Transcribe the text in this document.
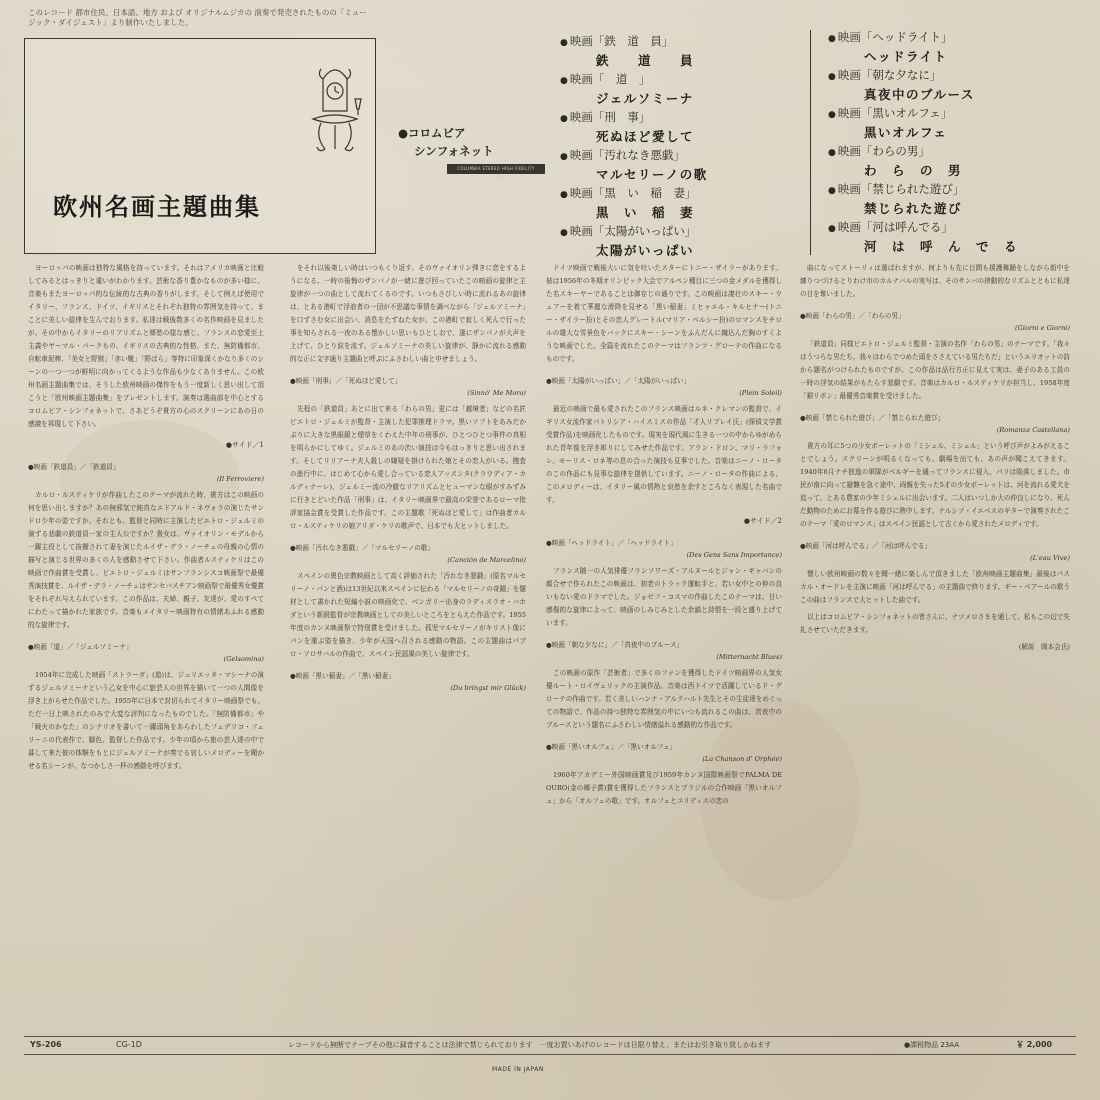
このレコード 都市住民、日本語、地方 および オリジナルムジカの 演奏で発売されたものの「ミュージック・ダイジェスト」より制作いたしました。
欧州名画主題曲集
●コロムビア
シンフォネット
COLUMBIA STEREO HIGH FIDELITY RECORDING
● 映画「鉄　道　員」
鉄　　道　　員
● 映画「　道　」
ジェルソミーナ
● 映画「刑　事」
死ぬほど愛して
● 映画「汚れなき悪戯」
マルセリーノの歌
● 映画「黒　い　稲　妻」
黒　い　稲　妻
● 映画「太陽がいっぱい」
太陽がいっぱい
● 映画「ヘッドライト」
ヘッドライト
● 映画「朝な夕なに」
真夜中のブルース
● 映画「黒いオルフェ」
黒いオルフェ
● 映画「わらの男」
わ　ら　の　男
● 映画「禁じられた遊び」
禁じられた遊び
● 映画「河は呼んでる」
河　は　呼　ん　で　る

ヨーロッパの映画は独特な風格を持っています。それはアメリカ映画と比較してみるとはっきりと違いがわかります。芸術な香り豊かなものが多い様に、音楽もまたヨーロッパ的な伝統的な古典の香りがします。そして例えば使用でイタリー、フランス、ドイツ、イギリスとそれぞれ独特の雰囲気を持って、まことに美しい旋律を生んでおります。私達は戦後数多くの名作映画を見ましたが、その中からイタリーのリアリズムと郷愁の様な感じ、フランスの恋愛至上主義やヤーマル・パークもの、イギリスの古典的な性格、また、無防備都市、自転車泥棒、「美女と野獣」「赤い靴」「野ばら」等特に印象深くかなり多くのシーンの一つ一つが鮮明に向かってくるような作品も少なくありません。この欧州名画主題曲集では、そうした欧州映画の傑作をもう一度新しく思い出して頂こうと「欧州映画主題曲集」をプレゼントします。演奏は選曲部を中心とするコロムビア・シンフォネットで、さあどうぞ貴方の心のスクリーンにあの日の感激を再現して下さい。

●サイド／1
●映画「鉄道員」／「鉄道員」
(Il Ferroviere)

カルロ・ルスティケリが作曲したこのテーマが流れた時、貴方はこの映画の何を思い出しますか？あの無邪気で純真なエドアルド・ネヴォラの演じたサンドロ少年の姿ですか、それとも、監督と同時に主演したピエトロ・ジェルミの演ずる悲劇の鉄道員一家の主人公ですか？貴女は、ヴァイオリン・モデルから一躍主役として抜擢されて妻を演じたルイザ・デラ・ノーチェの母親の心情の描写と演じる世界の多くの人を感動させて下さい。作曲者ルスティケリはこの映画で作曲賞を受賞し、ピエトロ・ジェルミはサンフランシスコ映画祭で最優秀演技賞を、ルイザ・デラ・ノーチェはサンセバスチアン映画祭で最優秀女優賞をそれぞれ与えられています。この作品は、夫婦、親子、友達が、愛のすべてにわたって描かれた家族です。音楽もメイタリー映画特有の情緒あふれる感動的な旋律です。

●映画「道」／「ジェルソミーナ」
(Gelsomina)

1954年に完成した映画「ストラーダ」(道)は、ジュリエッタ・マシーナの演ずるジェルソミーナという乙女を中心に旅芸人の世界を描いて一つの人間像を浮き上がらせた作品でした。1955年に日本で封切られてイタリー映画祭でも、ただ一日上映されたのみで大変な評判になったものでした。「無防備都市」や「戦火のかなた」のシナリオを書いて一躍頭角をあらわしたフェデリコ・フェリーニの代表作で、脚色、監督した作品です。少年の頃から旅の芸人達の中で暮して来た彼の体験をもとにジェルソミーナが奏でる哀しいメロディーを聞かせる名シーンが、なつかしさ一杯の感動を呼びます。

をそれ以後楽しい時はいつもくり返す、そのヴァイオリン弾きに恋をするようになる。一時の後悔のザンパノが一緒に遊び回っていたこの映画の旋律と主旋律が一つの曲として流れてくるのです。いつもさびしい時に流れるあの旋律は、とある港町で浮浪者の一団が不思議な事情を調べながら「ジェルソミーナ」を口ずさむ女に出会い、消息をたずねた女が、この港町で寂しく死んで行った事を知らされる一夜のある懐かしい思いもひとしおで、遂にザンパノが大声を上げて、ひとり涙を流す。ジェルソミーナの美しい旋律が、静かに流れる感動的な正に文字通り主題曲と呼ぶにふさわしい曲と申せましょう。

●映画「刑事」／「死ぬほど愛して」
(Sinnò' Me Moro)

先程の「鉄道員」あとに出て来る「わらの男」更には「越境者」などの名匠ピエトロ・ジェルミが監督・主演した犯罪推理ドラマ。黒いソフトをあみだかぶりに大きな黒眼鏡と煙草をくわえた中年の刑事が、ひとつひとつ事件の真相を明らかにしてゆく。ジェルミのあの渋い演技は今もはっきりと思い出されます。そしてリリアーナ夫人殺しの嫌疑を掛けられた娘とその恋人がいる。捜査の進行中に、はじめて心から愛し合っている恋人アッスンタ(クラウディア・カルディナーレ)、ジェルミー流の冷徹なリアリズムとヒューマンな眼がすみずみに行きとどいた作品「刑事」は、イタリー映画界で最高の栄誉であるローマ批評家協会賞を受賞した作品です。この主題歌「死ぬほど愛して」は作曲者カルロ・ルスティケリの娘アリダ・ケリの歌声で、日本でも大ヒットしました。

●映画「汚れなき悪戯」／「マルセリーノの歌」
(Canción de Marcelino)

スペインの異色宗教映画として高く評価された「汚れなき悪戯」(原名マルセリーノ・パンと酒)は13世紀以来スペインに伝わる「マルセリーノの奇蹟」を題材として書かれた短編小説の映画化で、ベンガリー出身のラディスラオ・バホダという新鋭監督が宗教映画としての美しいところをとらえた作品です。1955年度のカンヌ映画祭で特別賞を受けました。孤児マルセリーノがキリスト像にパンを運ぶ姿を描き、少年が天国へ召される感動の物語。この主題曲はパブロ・ソロサバルの作曲で、スペイン民謡風の美しい旋律です。

●映画「黒い稲妻」／「黒い稲妻」
(Du bringst mir Glück)

ドイツ映画で戦後大いに気を吐いたスターにトニー・ザイラーがあります。彼は1956年の冬期オリンピック大会でアルペン種目に三つの金メダルを獲得した名スキーヤーであることは御存じの通りです。この映画は凄壮のスキー・ウェアーを着て華麗な滑降を見せる「黒い稲妻」ミヒャエル・キルヒナー(トニー・ザイラー扮)とその恋人グレートル(マリア・ベルシー扮)のロマンスをチロルの雄大な雪景色をバックにスキー・シーンをふんだんに織込んだ胸のすくような映画でした。全篇を流れたこのテーマはフランツ・グローテの作曲になるものです。

●映画「太陽がいっぱい」／「太陽がいっぱい」
(Plein Soleil)

最近の映画で最も愛されたこのフランス映画はルネ・クレマンの監督で、イギリス女流作家パトリシア・ハイスミスの作品「才人リプレイ氏」(探偵文学賞受賞作品)を映画化したものです。現実を現代風に生きる一つの中からゆがめられた青年像を浮き彫りにしてみせた作品です。アラン・ドロン、マリ・ラフォレ、モーリス・ロネ等の息の合った演技も見事でした。音楽はニーノ・ロータのこの作品にも見事な旋律を提供しています。ニーノ・ロータの作曲による、このメロディーは、イタリー風の情熱と哀愁を余すところなく表現した名曲です。

●サイド／2
●映画「ヘッドライト」／「ヘッドライト」
(Des Gens Sans Importance)

フランス随一の人気俳優フランソワーズ・アルヌールとジャン・ギャバンの顔合せで作られたこの映画は、初老のトラック運転手と、若い女中との仲の良いもない愛のドラマでした。ジョゼフ・コスマの作曲したこのテーマは、甘い感傷的な旋律によって、映画のしみじみとした余韻と詩情を一段と盛り上げています。

●映画「朝な夕なに」／「真夜中のブルース」
(Mitternacht Blues)

この映画の原作「芸術者」で多くのファンを獲得したドイツ映画界の人気女優ルート・ロイヴェリックの主演作品。音楽は西ドイツで活躍しているド・グローテの作曲です。若く美しいハンナ・アルクハルト先生とその生徒達をめぐっての物語で、作品の持つ独特な雰囲気の中にいつも流れるこの曲は、真夜中のブルースという題名にふさわしい情緒溢れる感動的な作品です。

●映画「黒いオルフェ」／「黒いオルフェ」
(La Chanson d' Orphée)

1960年アカデミー外国映画賞及び1959年カンヌ国際映画祭でPALMA DE OURO(金の椰子賞)賞を獲得したフランスとブラジルの合作映画「黒いオルフェ」から「オルフェの歌」です。オルフェとユリディスの恋の

曲になってストーリィは運ばれますが、何よりも先に目間も援護舞踊をしながら街中を練りつづけるとりわけ市のカルナバルの実写は、そのサンバの律動的なリズムとともに私達の目を奪いました。

●映画「わらの男」／「わらの男」
(Giorni e Giorni)

「鉄道員」同様ピエトロ・ジェルミ監督・主演の名作「わらの男」のテーマです。「我々はうつろな男たち、我々はわらでつめた頭をささえている男たちだ」というエリオットの詩から題名がつけられたものですが、この作品は品行方正に見えて実は、妻子のある工員の一時の浮気の結果がもたらす悲劇です。音楽はカルロ・ルスティケリが担当し、1958年度「銀リボン」最優秀音楽賞を受けました。

●映画「禁じられた遊び」／「禁じられた遊び」
(Romanza Castellana)

貴方の耳に5つの少女ポーレットの「ミシェル、ミシェル」という呼び声がよみがえることでしょう。スクリーンが明るくなっても、劇場を出ても、あの声が聞こえてきます。1940年6月ナチ独逸の軍隊がベルギーを通ってフランスに侵入、パリは陥落しました。市民が南に向って避難を急ぐ途中、両親を失った5才の少女ポーレットは、河を流れる愛犬を追って、とある農家の少年ミシェルに出会います。二人はいつしか大の仲良しになり、死んだ動物のためにお墓を作る遊びに熱中します。ナルシソ・イエペスのギターで演奏されたこのテーマ「愛のロマンス」はスペイン民謡として古くから愛されたメロディです。

●映画「河は呼んでる」／「河は呼んでる」
(L'eau Vive)

懐しい欧州映画の数々を聞一緒に楽しんで頂きました「欧州映画主題曲集」最後はパスカル・オードレを主演に映画「河は呼んでる」の主題曲で終ります。ギー・ベアールの歌うこの曲はフランスで大ヒットした曲です。

以上はコロムビア・シンフォネットの皆さんに、ナツメロさまを通して、私もこの辺で失礼させていただきます。

(解説　岡本会氏)
YS-206	CG-1D	レコードから無断でテープその他に録音することは法律で禁じられております　一度お買いあげのレコードは日限り替え、またはお引き取り致しかねます	●課税物品 23AA	￥ 2,000
MADE IN JAPAN
